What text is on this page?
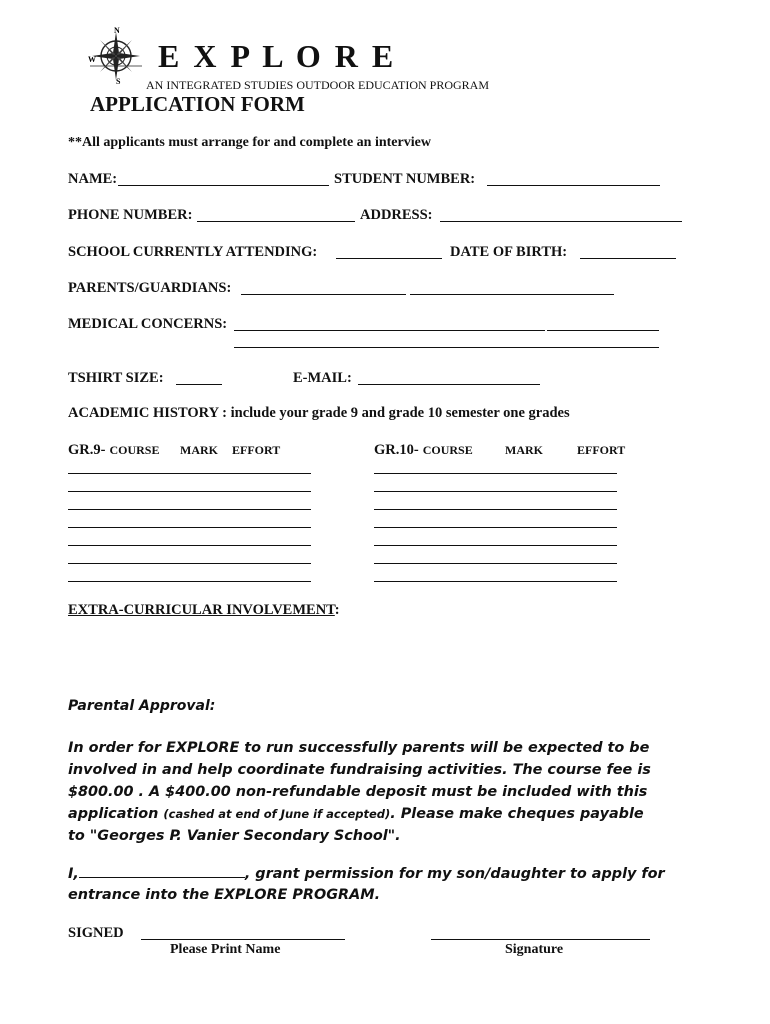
N
W
S
E X P L O R E
AN INTEGRATED STUDIES OUTDOOR EDUCATION PROGRAM
APPLICATION FORM
**All applicants must arrange for and complete an interview
NAME:	STUDENT NUMBER:
PHONE NUMBER:	ADDRESS:
SCHOOL CURRENTLY ATTENDING:	DATE OF BIRTH:
PARENTS/GUARDIANS:
MEDICAL CONCERNS:
TSHIRT SIZE:	E-MAIL:
ACADEMIC HISTORY : include your grade 9 and grade 10 semester one grades
GR.9- COURSE MARK EFFORT	GR.10- COURSE	MARK	EFFORT
EXTRA-CURRICULAR INVOLVEMENT:
Parental Approval:
In order for EXPLORE to run successfully parents will be expected to be
involved in and help coordinate fundraising activities. The course fee is
$800.00 . A $400.00 non-refundable deposit must be included with this
application (cashed at end of June if accepted). Please make cheques payable
to "Georges P. Vanier Secondary School".
I,	, grant permission for my son/daughter to apply for
entrance into the EXPLORE PROGRAM.
SIGNED
Please Print Name	Signature
